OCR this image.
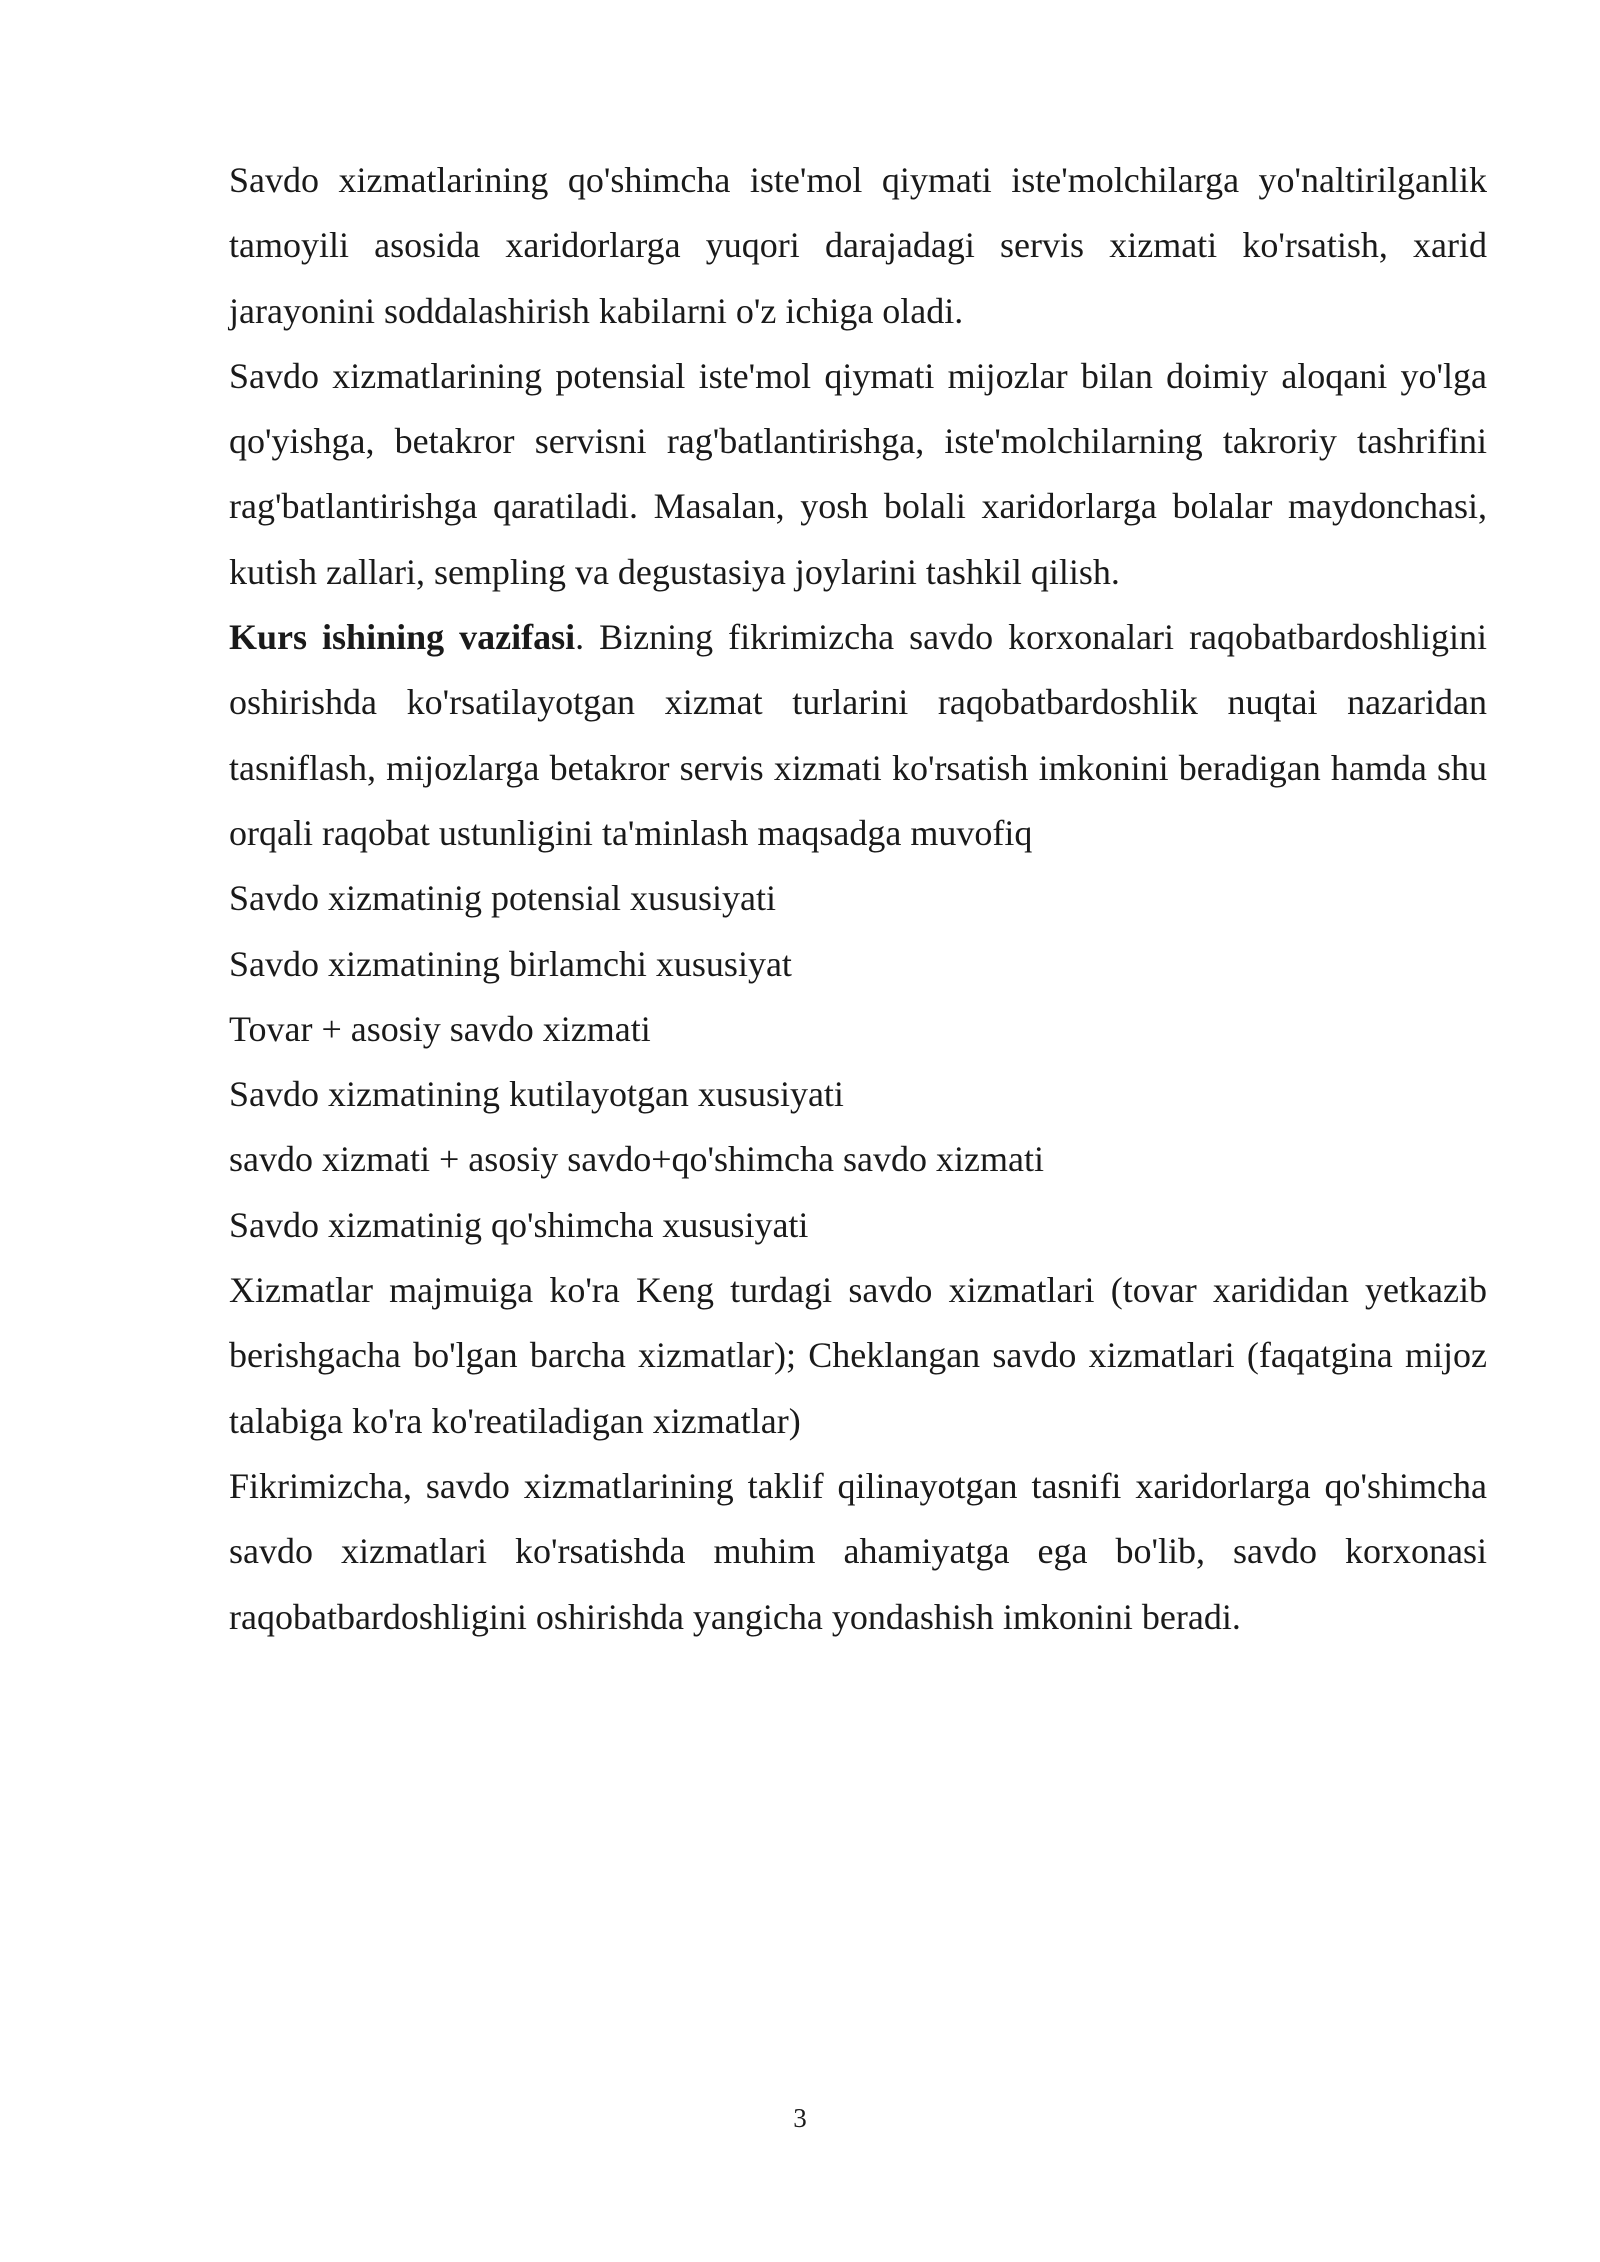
Savdo xizmatlarining qo'shimcha iste'mol qiymati iste'molchilarga yo'naltirilganlik tamoyili asosida xaridorlarga yuqori darajadagi servis xizmati ko'rsatish, xarid jarayonini soddalashirish kabilarni o'z ichiga oladi.

Savdo xizmatlarining potensial iste'mol qiymati mijozlar bilan doimiy aloqani yo'lga qo'yishga, betakror servisni rag'batlantirishga, iste'molchilarning takroriy tashrifini rag'batlantirishga qaratiladi. Masalan, yosh bolali xaridorlarga bolalar maydonchasi, kutish zallari, sempling va degustasiya joylarini tashkil qilish.

Kurs ishining vazifasi. Bizning fikrimizcha savdo korxonalari raqobatbardoshligini oshirishda ko'rsatilayotgan xizmat turlarini raqobatbardoshlik nuqtai nazaridan tasniflash, mijozlarga betakror servis xizmati ko'rsatish imkonini beradigan hamda shu orqali raqobat ustunligini ta'minlash maqsadga muvofiq

Savdo xizmatinig potensial xususiyati

Savdo xizmatining birlamchi xususiyat

Tovar + asosiy savdo xizmati

Savdo xizmatining kutilayotgan xususiyati

savdo xizmati + asosiy savdo+qo'shimcha savdo xizmati

Savdo xizmatinig qo'shimcha xususiyati

Xizmatlar majmuiga ko'ra Keng turdagi savdo xizmatlari (tovar xarididan yetkazib berishgacha bo'lgan barcha xizmatlar); Cheklangan savdo xizmatlari (faqatgina mijoz talabiga ko'ra ko'reatiladigan xizmatlar)

Fikrimizcha, savdo xizmatlarining taklif qilinayotgan tasnifi xaridorlarga qo'shimcha savdo xizmatlari ko'rsatishda muhim ahamiyatga ega bo'lib, savdo korxonasi raqobatbardoshligini oshirishda yangicha yondashish imkonini beradi.

3
